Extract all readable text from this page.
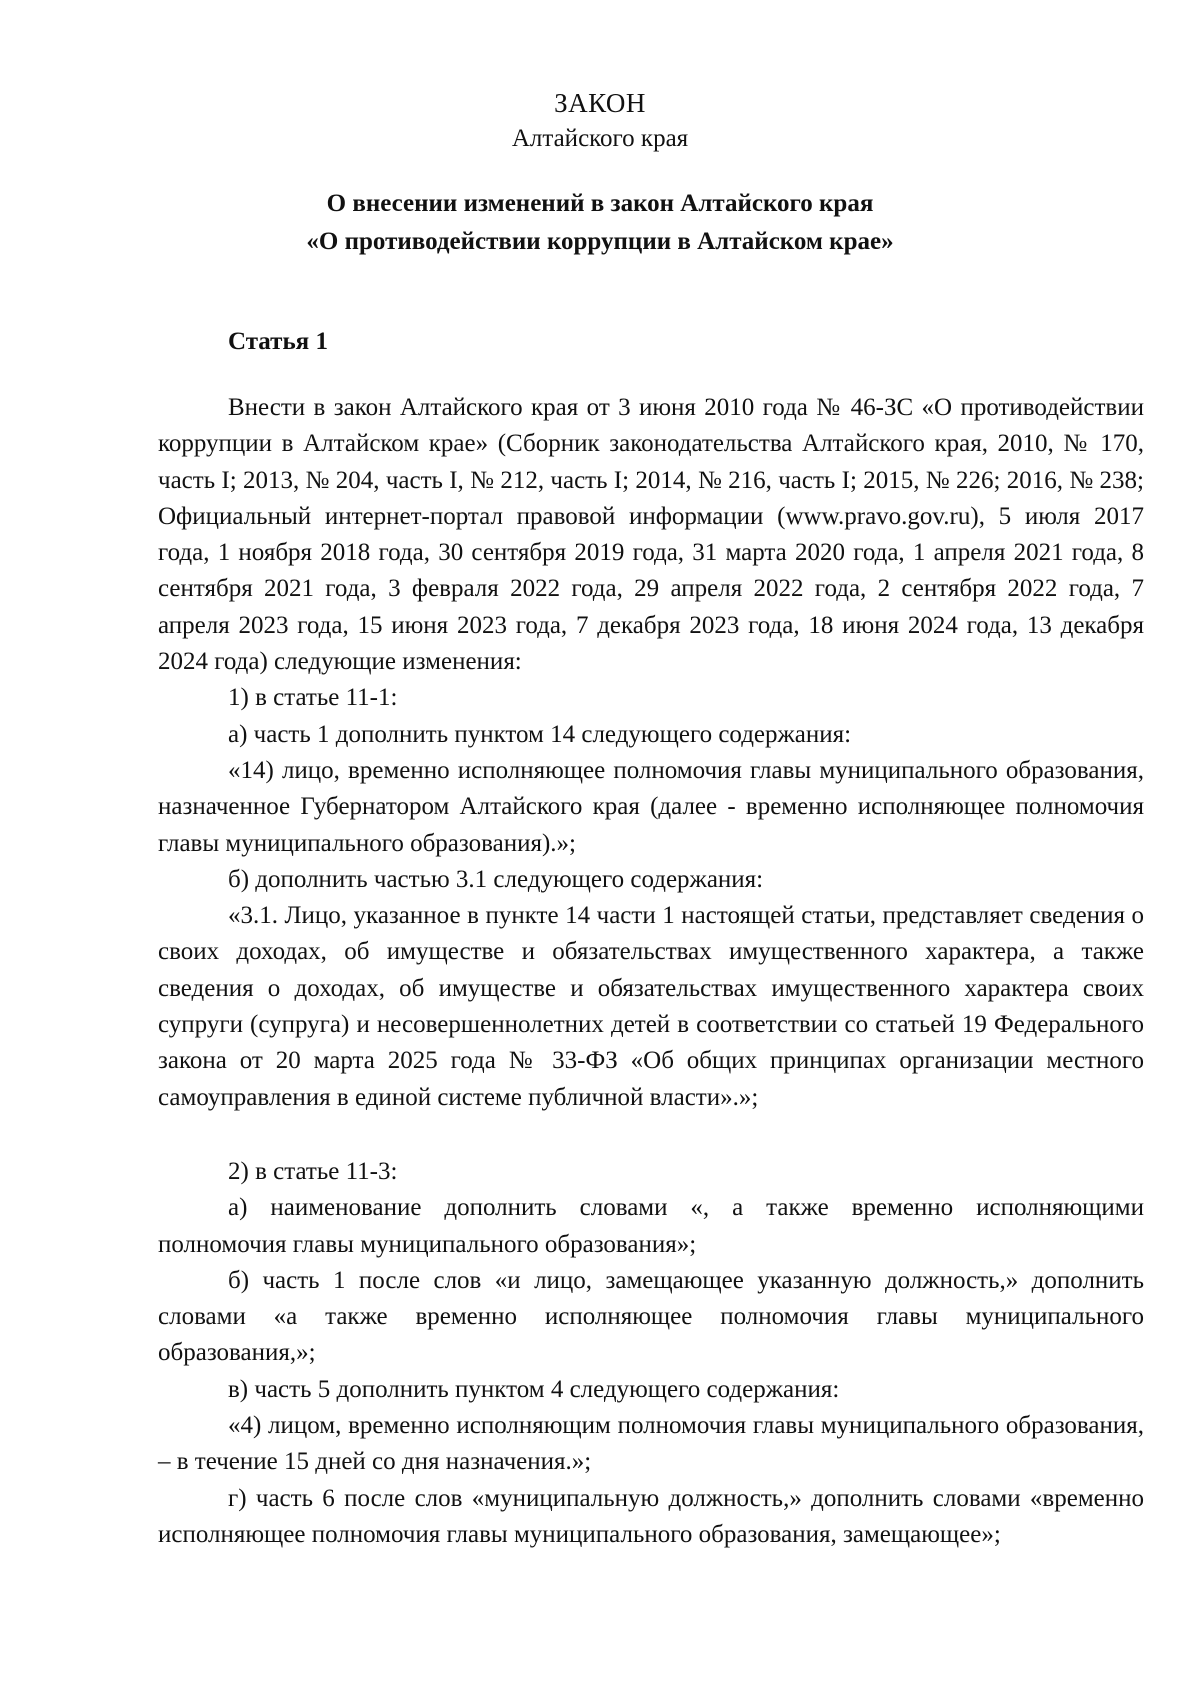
ЗАКОН
Алтайского края
О внесении изменений в закон Алтайского края
«О противодействии коррупции в Алтайском крае»
Статья 1

Внести в закон Алтайского края от 3 июня 2010 года № 46-ЗС «О противодействии коррупции в Алтайском крае» (Сборник законодательства Алтайского края, 2010, № 170, часть I; 2013, № 204, часть I, № 212, часть I; 2014, № 216, часть I; 2015, № 226; 2016, № 238; Официальный интернет-портал правовой информации (www.pravo.gov.ru), 5 июля 2017 года, 1 ноября 2018 года, 30 сентября 2019 года, 31 марта 2020 года, 1 апреля 2021 года, 8 сентября 2021 года, 3 февраля 2022 года, 29 апреля 2022 года, 2 сентября 2022 года, 7 апреля 2023 года, 15 июня 2023 года, 7 декабря 2023 года, 18 июня 2024 года, 13 декабря 2024 года) следующие изменения:

1) в статье 11-1:

а) часть 1 дополнить пунктом 14 следующего содержания:

«14) лицо, временно исполняющее полномочия главы муниципального образования, назначенное Губернатором Алтайского края (далее - временно исполняющее полномочия главы муниципального образования).»;

б) дополнить частью 3.1 следующего содержания:

«3.1. Лицо, указанное в пункте 14 части 1 настоящей статьи, представляет сведения о своих доходах, об имуществе и обязательствах имущественного характера, а также сведения о доходах, об имуществе и обязательствах имущественного характера своих супруги (супруга) и несовершеннолетних детей в соответствии со статьей 19 Федерального закона от 20 марта 2025 года № 33-ФЗ «Об общих принципах организации местного самоуправления в единой системе публичной власти».»;

2) в статье 11-3:

а) наименование дополнить словами «, а также временно исполняющими полномочия главы муниципального образования»;

б) часть 1 после слов «и лицо, замещающее указанную должность,» дополнить словами «а также временно исполняющее полномочия главы муниципального образования,»;

в) часть 5 дополнить пунктом 4 следующего содержания:

«4) лицом, временно исполняющим полномочия главы муниципального образования, – в течение 15 дней со дня назначения.»;

г) часть 6 после слов «муниципальную должность,» дополнить словами «временно исполняющее полномочия главы муниципального образования, замещающее»;
